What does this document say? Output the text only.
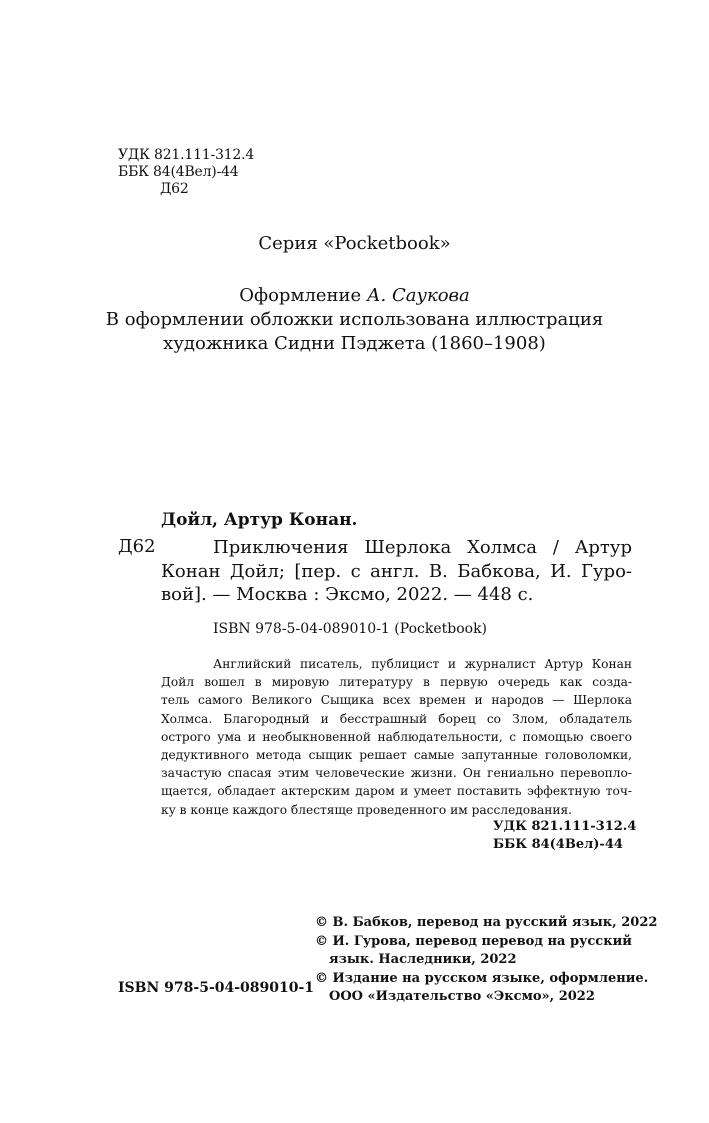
УДК 821.111-312.4
ББК 84(4Вел)-44
Д62
Серия «Pocketbook»
Оформление А. Саукова
В оформлении обложки использована иллюстрация
художника Сидни Пэджета (1860–1908)
Дойл, Артур Конан.
Д62	Приключения Шерлока Холмса / Артур
Конан Дойл; [пер. с англ. В. Бабкова, И. Гуро-
вой]. — Москва : Эксмо, 2022. — 448 с.
ISBN 978-5-04-089010-1 (Pocketbook)
Английский писатель, публицист и журналист Артур Конан
Дойл вошел в мировую литературу в первую очередь как созда-
тель самого Великого Сыщика всех времен и народов — Шерлока
Холмса. Благородный и бесстрашный борец со Злом, обладатель
острого ума и необыкновенной наблюдательности, с помощью своего
дедуктивного метода сыщик решает самые запутанные головоломки,
зачастую спасая этим человеческие жизни. Он гениально перевопло-
щается, обладает актерским даром и умеет поставить эффектную точ-
ку в конце каждого блестяще проведенного им расследования.
УДК 821.111-312.4
ББК 84(4Вел)-44
© В. Бабков, перевод на русский язык, 2022
© И. Гурова, перевод перевод на русский
язык. Наследники, 2022
© Издание на русском языке, оформление.
ООО «Издательство «Эксмо», 2022
ISBN 978-5-04-089010-1
